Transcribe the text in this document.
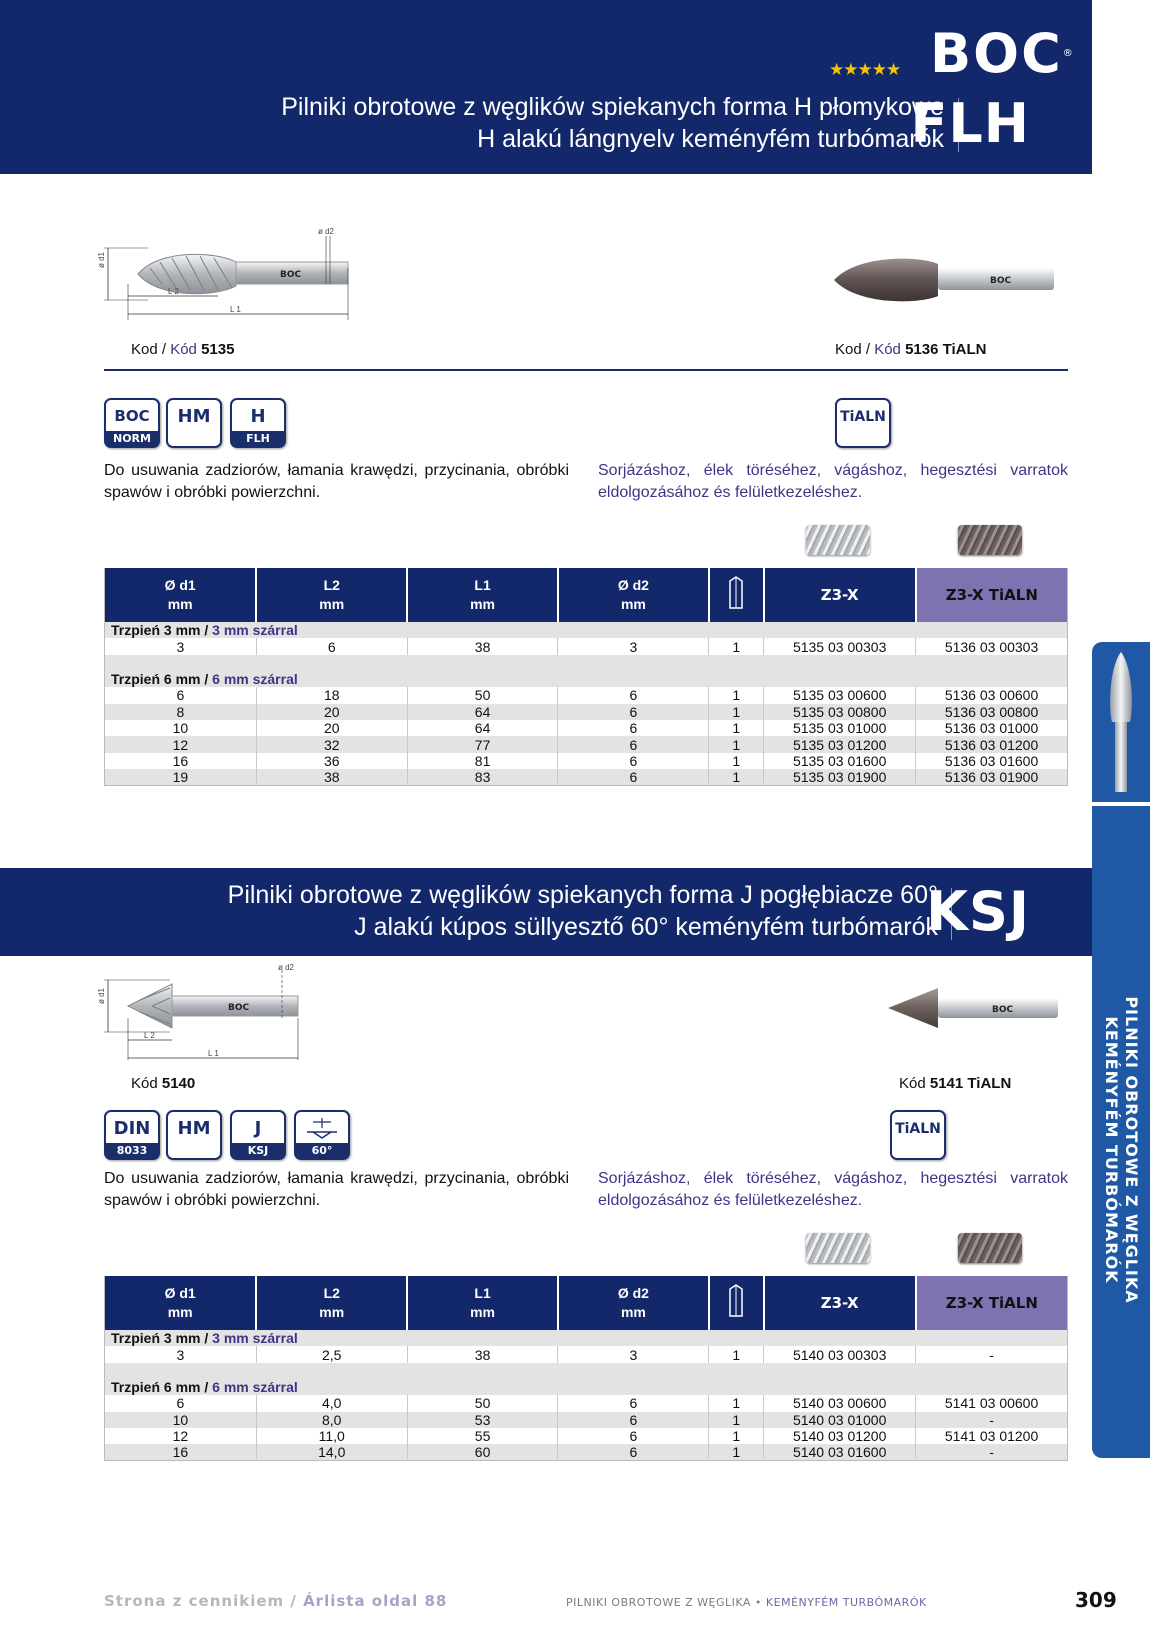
Pilniki obrotowe z węglików spiekanych forma H płomykowe
H alakú lángnyelv keményfém turbómarók
FLH
★★★★★ BOC ®
BOC
ø d2
ø d1
L 2
L 1
BOC
Kod / Kód 5135	Kod / Kód 5136 TiALN
BOC
NORM
HM	H
FLH
TiALN
Do usuwania zadziorów, łamania krawędzi, przycinania, obróbki spawów i obróbki powierzchni.
Sorjázáshoz, élek töréséhez, vágáshoz, hegesztési varratok eldolgozásához és felületkezeléshez.
Ø d1
mm	L2
mm	L1
mm	Ø d2
mm		Z3-X	Z3-X TiALN
Trzpień 3 mm / 3 mm szárral						
3	6	38	3	1	5135 03 00303	5136 03 00303

Trzpień 6 mm / 6 mm szárral						
6	18	50	6	1	5135 03 00600	5136 03 00600
8	20	64	6	1	5135 03 00800	5136 03 00800
10	20	64	6	1	5135 03 01000	5136 03 01000
12	32	77	6	1	5135 03 01200	5136 03 01200
16	36	81	6	1	5135 03 01600	5136 03 01600
19	38	83	6	1	5135 03 01900	5136 03 01900
Pilniki obrotowe z węglików spiekanych forma J pogłębiacze 60°
J alakú kúpos süllyesztő 60° keményfém turbómarók
KSJ
BOC
ø d2
ø d1
L 2
L 1
BOC
Kód 5140	Kód 5141 TiALN
DIN
8033
HM	J
KSJ	60°
TiALN
Do usuwania zadziorów, łamania krawędzi, przycinania, obróbki spawów i obróbki powierzchni.
Sorjázáshoz, élek töréséhez, vágáshoz, hegesztési varratok eldolgozásához és felületkezeléshez.
Ø d1
mm	L2
mm	L1
mm	Ø d2
mm		Z3-X	Z3-X TiALN
Trzpień 3 mm / 3 mm szárral						
3	2,5	38	3	1	5140 03 00303	-

Trzpień 6 mm / 6 mm szárral						
6	4,0	50	6	1	5140 03 00600	5141 03 00600
10	8,0	53	6	1	5140 03 01000	-
12	11,0	55	6	1	5140 03 01200	5141 03 01200
16	14,0	60	6	1	5140 03 01600	-
PILNIKI OBROTOWE Z WĘGLIKA
KEMÉNYFÉM TURBÓMARÓK
Strona z cennikiem / Árlista oldal 88	PILNIKI OBROTOWE Z WĘGLIKA • KEMÉNYFÉM TURBÓMARÓK	309
